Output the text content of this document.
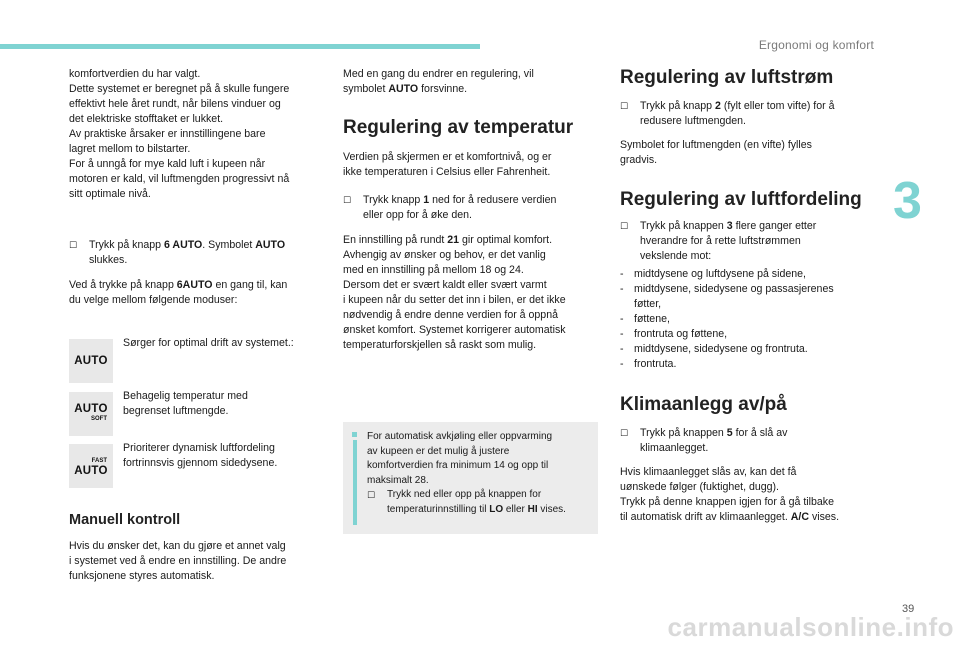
Ergonomi og komfort
3

komfortverdien du har valgt.
Dette systemet er beregnet på å skulle fungere
effektivt hele året rundt, når bilens vinduer og
det elektriske stofftaket er lukket.
Av praktiske årsaker er innstillingene bare
lagret mellom to bilstarter.
For å unngå for mye kald luft i kupeen når
motoren er kald, vil luftmengden progressivt nå
sitt optimale nivå.

☐	Trykk på knapp 6 AUTO. Symbolet AUTO
slukkes.

Ved å trykke på knapp 6AUTO en gang til, kan
du velge mellom følgende moduser:

AUTO

Sørger for optimal drift av systemet.:

AUTO
SOFT

Behagelig temperatur med
begrenset luftmengde.

FAST
AUTO

Prioriterer dynamisk luftfordeling
fortrinnsvis gjennom sidedysene.

Manuell kontroll

Hvis du ønsker det, kan du gjøre et annet valg
i systemet ved å endre en innstilling. De andre
funksjonene styres automatisk.

Med en gang du endrer en regulering, vil
symbolet AUTO forsvinne.

Regulering av temperatur

Verdien på skjermen er et komfortnivå, og er
ikke temperaturen i Celsius eller Fahrenheit.

☐	Trykk knapp 1 ned for å redusere verdien
eller opp for å øke den.

En innstilling på rundt 21 gir optimal komfort.
Avhengig av ønsker og behov, er det vanlig
med en innstilling på mellom 18 og 24.
Dersom det er svært kaldt eller svært varmt
i kupeen når du setter det inn i bilen, er det ikke
nødvendig å endre denne verdien for å oppnå
ønsket komfort. Systemet korrigerer automatisk
temperaturforskjellen så raskt som mulig.

For automatisk avkjøling eller oppvarming
av kupeen er det mulig å justere
komfortverdien fra minimum 14 og opp til
maksimalt 28.

☐	Trykk ned eller opp på knappen for
temperaturinnstilling til LO eller HI vises.

Regulering av luftstrøm
☐	Trykk på knapp 2 (fylt eller tom vifte) for å
redusere luftmengden.

Symbolet for luftmengden (en vifte) fylles
gradvis.

Regulering av luftfordeling
☐	Trykk på knappen 3 flere ganger etter
hverandre for å rette luftstrømmen
vekslende mot:

- midtdysene og luftdysene på sidene,

- midtdysene, sidedysene og passasjerenes
føtter,

- føttene,

- frontruta og føttene,

- midtdysene, sidedysene og frontruta.

- frontruta.

Klimaanlegg av/på
☐	Trykk på knappen 5 for å slå av
klimaanlegget.

Hvis klimaanlegget slås av, kan det få
uønskede følger (fuktighet, dugg).
Trykk på denne knappen igjen for å gå tilbake
til automatisk drift av klimaanlegget. A/C vises.

39
carmanualsonline.info
